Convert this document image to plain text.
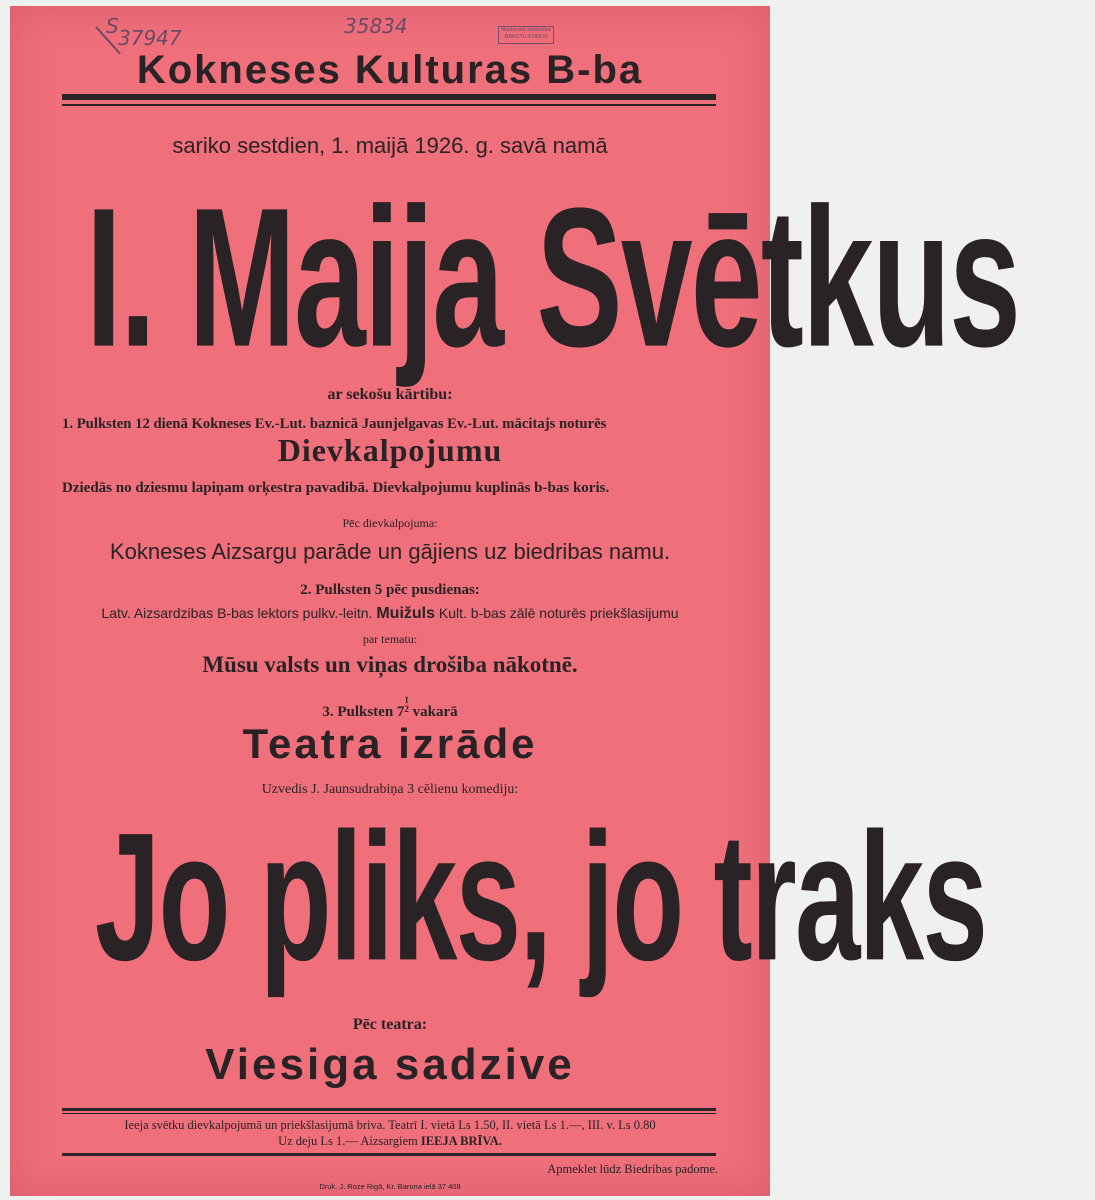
S 37947	35834	Nacionālā bibliotēka
RAKSTU FONDS
Kokneses Kulturas B-ba
sariko sestdien, 1. maijā 1926. g. savā namā
I. Maija Svētkus
ar sekošu kārtibu:
1. Pulksten 12 dienā Kokneses Ev.-Lut. baznicā Jaunjelgavas Ev.-Lut. mācitajs noturēs
Dievkalpojumu
Dziedās no dziesmu lapiņam orķestra pavadibā. Dievkalpojumu kuplinās b-bas koris.
Pēc dievkalpojuma:
Kokneses Aizsargu parāde un gājiens uz biedribas namu.
2. Pulksten 5 pēc pusdienas:
Latv. Aizsardzibas B-bas lektors pulkv.-leitn. Muižuls Kult. b-bas zālē noturēs priekšlasijumu
par tematu:
Mūsu valsts un viņas drošiba nākotnē.
3. Pulksten 7
1
2 vakarā
Teatra izrāde
Uzvedis J. Jaunsudrabiņa 3 cēlienu komediju:
Jo pliks, jo traks
Pēc teatra:
Viesiga sadzive
Ieeja svētku dievkalpojumā un priekšlasijumā briva. Teatrī I. vietā Ls 1.50, II. vietā Ls 1.—, III. v. Ls 0.80
Uz deju Ls 1.— Aizsargiem IEEJA BRĪVA.
Apmeklet lūdz Biedribas padome.
Druk. J. Roze Rigā, Kr. Barona ielā 37 408
